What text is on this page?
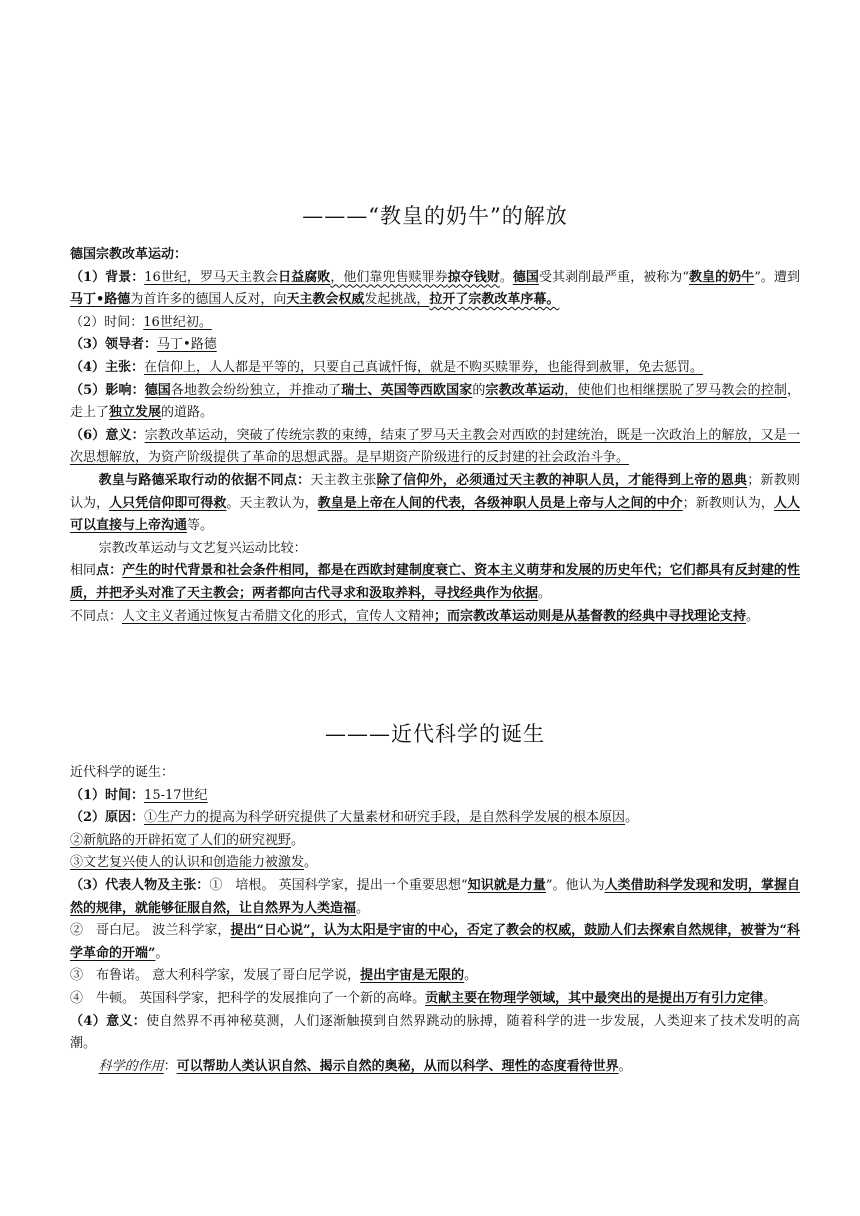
———“教皇的奶牛”的解放

德国宗教改革运动：

（1）背景：16世纪，罗马天主教会日益腐败，他们靠兜售赎罪券掠夺钱财。德国受其剥削最严重，被称为“教皇的奶牛”。遭到马丁•路德为首许多的德国人反对，向天主教会权威发起挑战，拉开了宗教改革序幕。

（2）时间：16世纪初。

（3）领导者：马丁•路德

（4）主张：在信仰上，人人都是平等的，只要自己真诚忏悔，就是不购买赎罪券，也能得到赦罪，免去惩罚。

（5）影响：德国各地教会纷纷独立，并推动了瑞士、英国等西欧国家的宗教改革运动，使他们也相继摆脱了罗马教会的控制，走上了独立发展的道路。

（6）意义：宗教改革运动，突破了传统宗教的束缚，结束了罗马天主教会对西欧的封建统治，既是一次政治上的解放，又是一次思想解放，为资产阶级提供了革命的思想武器。是早期资产阶级进行的反封建的社会政治斗争。

教皇与路德采取行动的依据不同点：天主教主张除了信仰外，必须通过天主教的神职人员，才能得到上帝的恩典；新教则认为，人只凭信仰即可得救。天主教认为，教皇是上帝在人间的代表，各级神职人员是上帝与人之间的中介；新教则认为，人人可以直接与上帝沟通等。

宗教改革运动与文艺复兴运动比较：

相同点：产生的时代背景和社会条件相同，都是在西欧封建制度衰亡、资本主义萌芽和发展的历史年代；它们都具有反封建的性质，并把矛头对准了天主教会；两者都向古代寻求和汲取养料，寻找经典作为依据。

不同点：人文主义者通过恢复古希腊文化的形式，宣传人文精神；而宗教改革运动则是从基督教的经典中寻找理论支持。

———近代科学的诞生

近代科学的诞生：

（1）时间：15-17世纪

（2）原因：①生产力的提高为科学研究提供了大量素材和研究手段，是自然科学发展的根本原因。

②新航路的开辟拓宽了人们的研究视野。

③文艺复兴使人的认识和创造能力被激发。

（3）代表人物及主张：①　培根。 英国科学家，提出一个重要思想“知识就是力量”。他认为人类借助科学发现和发明，掌握自然的规律，就能够征服自然，让自然界为人类造福。

②　哥白尼。 波兰科学家，提出“日心说”，认为太阳是宇宙的中心，否定了教会的权威，鼓励人们去探索自然规律，被誉为“科学革命的开端”。

③　布鲁诺。 意大利科学家，发展了哥白尼学说，提出宇宙是无限的。

④　牛顿。 英国科学家，把科学的发展推向了一个新的高峰。贡献主要在物理学领域，其中最突出的是提出万有引力定律。

（4）意义：使自然界不再神秘莫测，人们逐渐触摸到自然界跳动的脉搏，随着科学的进一步发展，人类迎来了技术发明的高潮。

科学的作用：可以帮助人类认识自然、揭示自然的奥秘，从而以科学、理性的态度看待世界。
